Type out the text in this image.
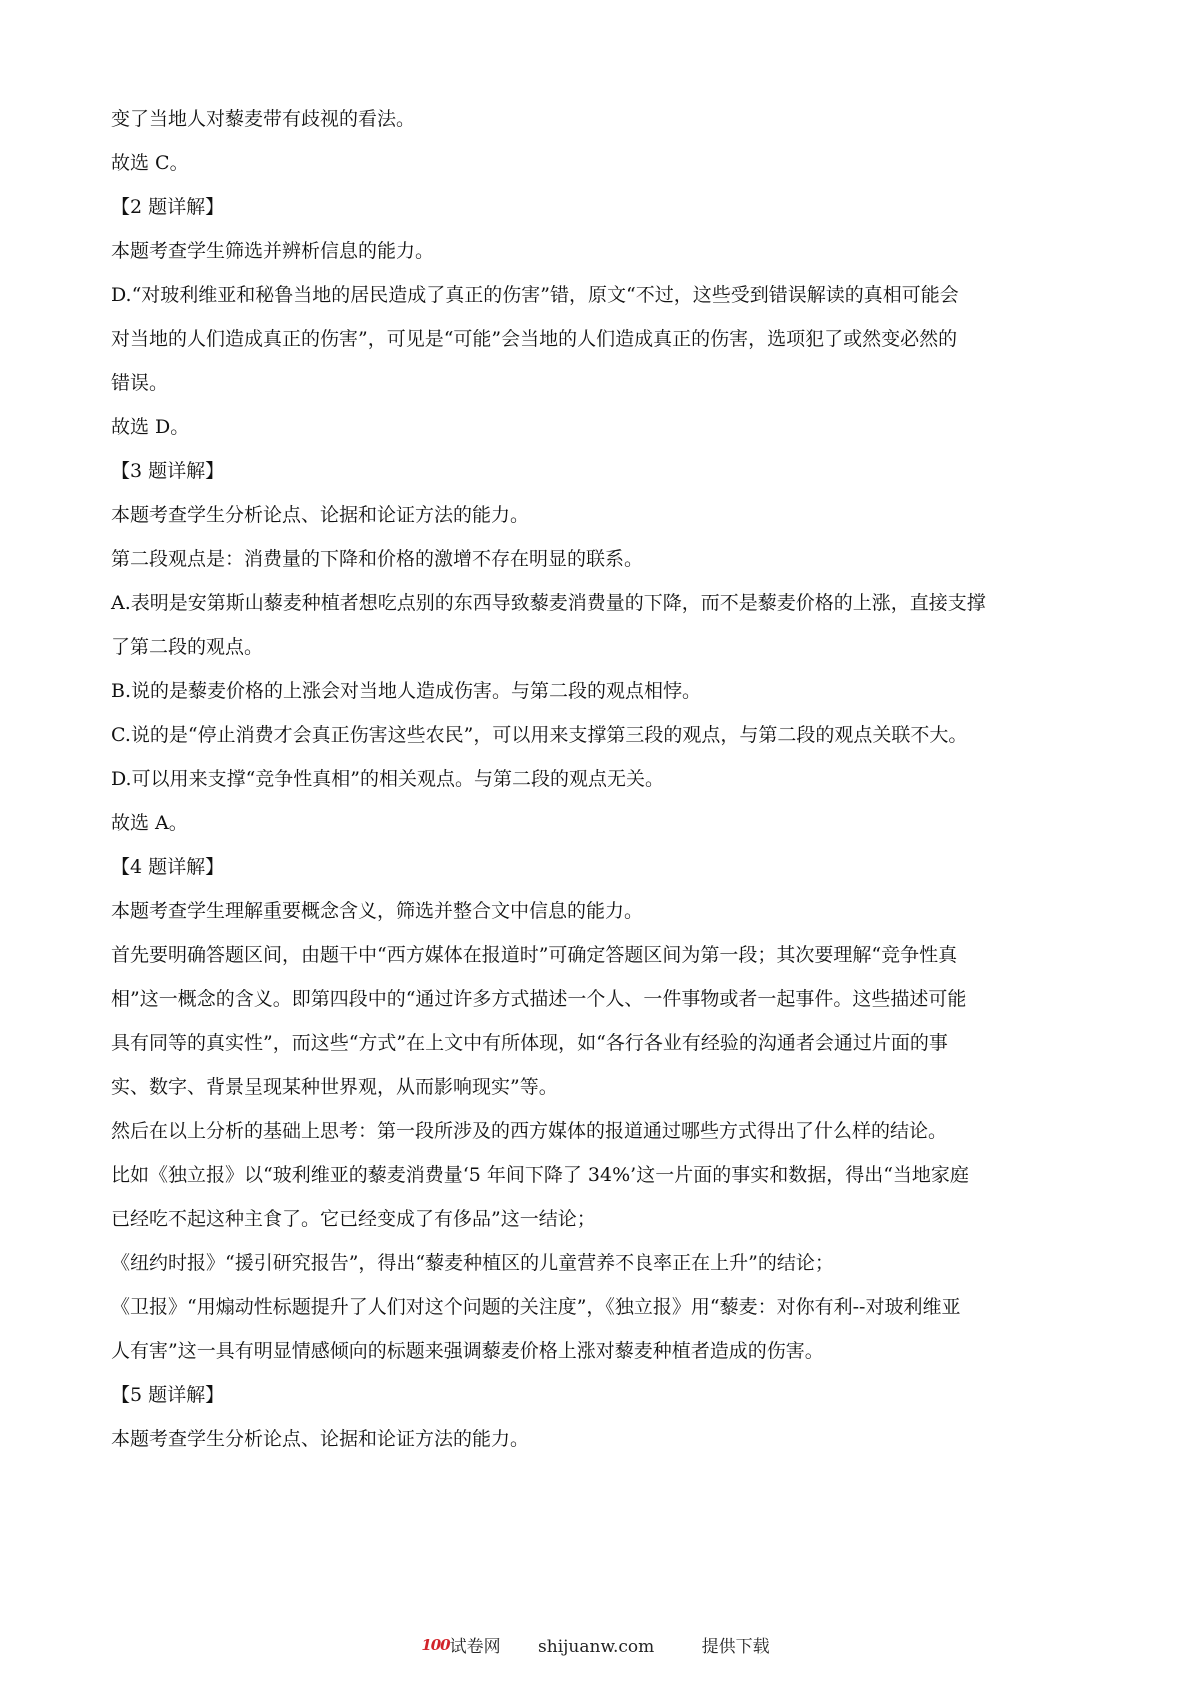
变了当地人对藜麦带有歧视的看法。

故选 C。

【2 题详解】

本题考查学生筛选并辨析信息的能力。

D.“对玻利维亚和秘鲁当地的居民造成了真正的伤害”错，原文“不过，这些受到错误解读的真相可能会

对当地的人们造成真正的伤害”，可见是“可能”会当地的人们造成真正的伤害，选项犯了或然变必然的

错误。

故选 D。

【3 题详解】

本题考查学生分析论点、论据和论证方法的能力。

第二段观点是：消费量的下降和价格的激增不存在明显的联系。

A.表明是安第斯山藜麦种植者想吃点别的东西导致藜麦消费量的下降，而不是藜麦价格的上涨，直接支撑

了第二段的观点。

B.说的是藜麦价格的上涨会对当地人造成伤害。与第二段的观点相悖。

C.说的是“停止消费才会真正伤害这些农民”，可以用来支撑第三段的观点，与第二段的观点关联不大。

D.可以用来支撑“竞争性真相”的相关观点。与第二段的观点无关。

故选 A。

【4 题详解】

本题考查学生理解重要概念含义，筛选并整合文中信息的能力。

首先要明确答题区间，由题干中“西方媒体在报道时”可确定答题区间为第一段；其次要理解“竞争性真

相”这一概念的含义。即第四段中的“通过许多方式描述一个人、一件事物或者一起事件。这些描述可能

具有同等的真实性”，而这些“方式”在上文中有所体现，如“各行各业有经验的沟通者会通过片面的事

实、数字、背景呈现某种世界观，从而影响现实”等。

然后在以上分析的基础上思考：第一段所涉及的西方媒体的报道通过哪些方式得出了什么样的结论。

比如《独立报》以“玻利维亚的藜麦消费量‘5 年间下降了 34%’这一片面的事实和数据，得出“当地家庭

已经吃不起这种主食了。它已经变成了有侈品”这一结论；

《纽约时报》“援引研究报告”，得出“藜麦种植区的儿童营养不良率正在上升”的结论；

《卫报》“用煽动性标题提升了人们对这个问题的关注度”，《独立报》用“藜麦：对你有利--对玻利维亚

人有害”这一具有明显情感倾向的标题来强调藜麦价格上涨对藜麦种植者造成的伤害。

【5 题详解】

本题考查学生分析论点、论据和论证方法的能力。

100试卷网 shijuanw.com	提供下载
